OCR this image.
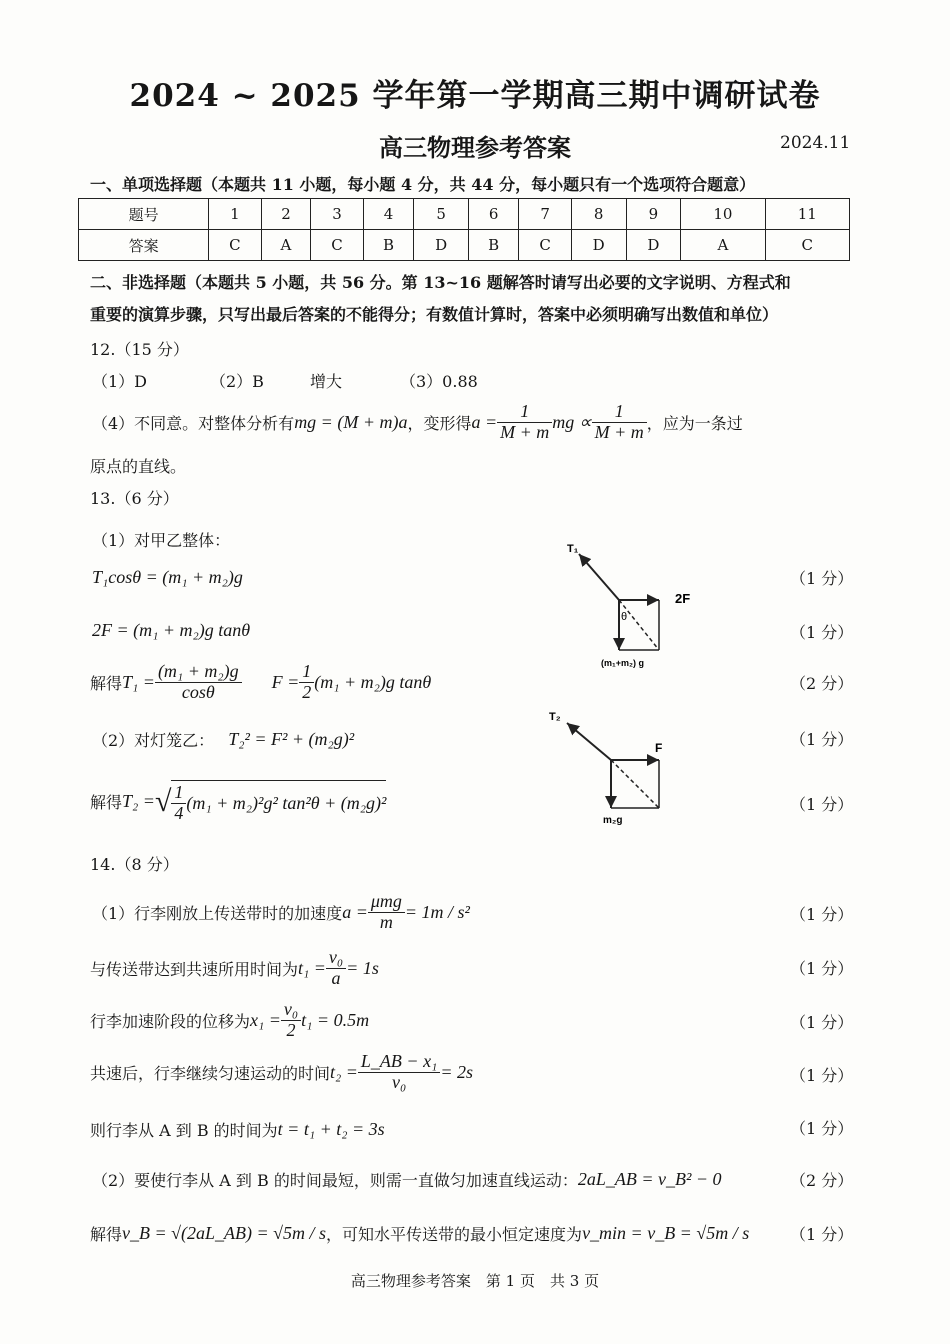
2024 ~ 2025 学年第一学期高三期中调研试卷
高三物理参考答案	2024.11
一、单项选择题（本题共 11 小题，每小题 4 分，共 44 分，每小题只有一个选项符合题意）
题号	1	2	3	4	5	6	7	8	9	10	11
答案	C	A	C	B	D	B	C	D	D	A	C
二、非选择题（本题共 5 小题，共 56 分。第 13~16 题解答时请写出必要的文字说明、方程式和
重要的演算步骤，只写出最后答案的不能得分；有数值计算时，答案中必须明确写出数值和单位）
12.（15 分）
（1）D	（2）B	增大	（3）0.88
（4）不同意。对整体分析有 mg = (M + m)a ，变形得 $a = \frac{1}{M + m}$ mg ∝ $\frac{1}{M + m}$ ，应为一条过
原点的直线。
13.（6 分）
（1）对甲乙整体：
T₁cosθ = (m₁ + m₂)g
2F = (m₁ + m₂)g tanθ
解得 $T_1 = \frac{\text{(m₁ + m₂)g}}{\cos\theta}$ $F = \frac{1}{2} (m_1 + m_2)g$ tanθ
（2）对灯笼乙： T₂² = F² + (m₂g)²
解得 T₂ = √ $\frac{1}{4} (m_1 + m_2)^2g^2$ tan²θ + (m₂g)²
（1 分）
（1 分）
（2 分）
（1 分）
（1 分）
T₁
2F
θ
(m₁+m₂) g
T₂
F
m₂g
14.（8 分）
（1）行李刚放上传送带时的加速度 $a = \frac{\text{μmg}}{m} = 1m / s^2$
与传送带达到共速所用时间为 $t_1 = \frac{\text{v₀}}{a} = 1s$
行李加速阶段的位移为 $x_1 = \frac{\text{v₀}}{2} t_1 = 0.5m$
共速后，行李继续匀速运动的时间 $t_2 = \frac{\text{L\_AB − x₁}}{\text{v₀}} = 2s$
则行李从 A 到 B 的时间为 t = t₁ + t₂ = 3s
（2）要使行李从 A 到 B 的时间最短，则需一直做匀加速直线运动： 2aL_AB = v_B² − 0
解得 v_B = √(2aL_AB) = √5m / s ，可知水平传送带的最小恒定速度为 v_min = v_B = √5m / s
（1 分）
（1 分）
（1 分）
（1 分）
（1 分）
（2 分）
（1 分）
高三物理参考答案　第 1 页　共 3 页
